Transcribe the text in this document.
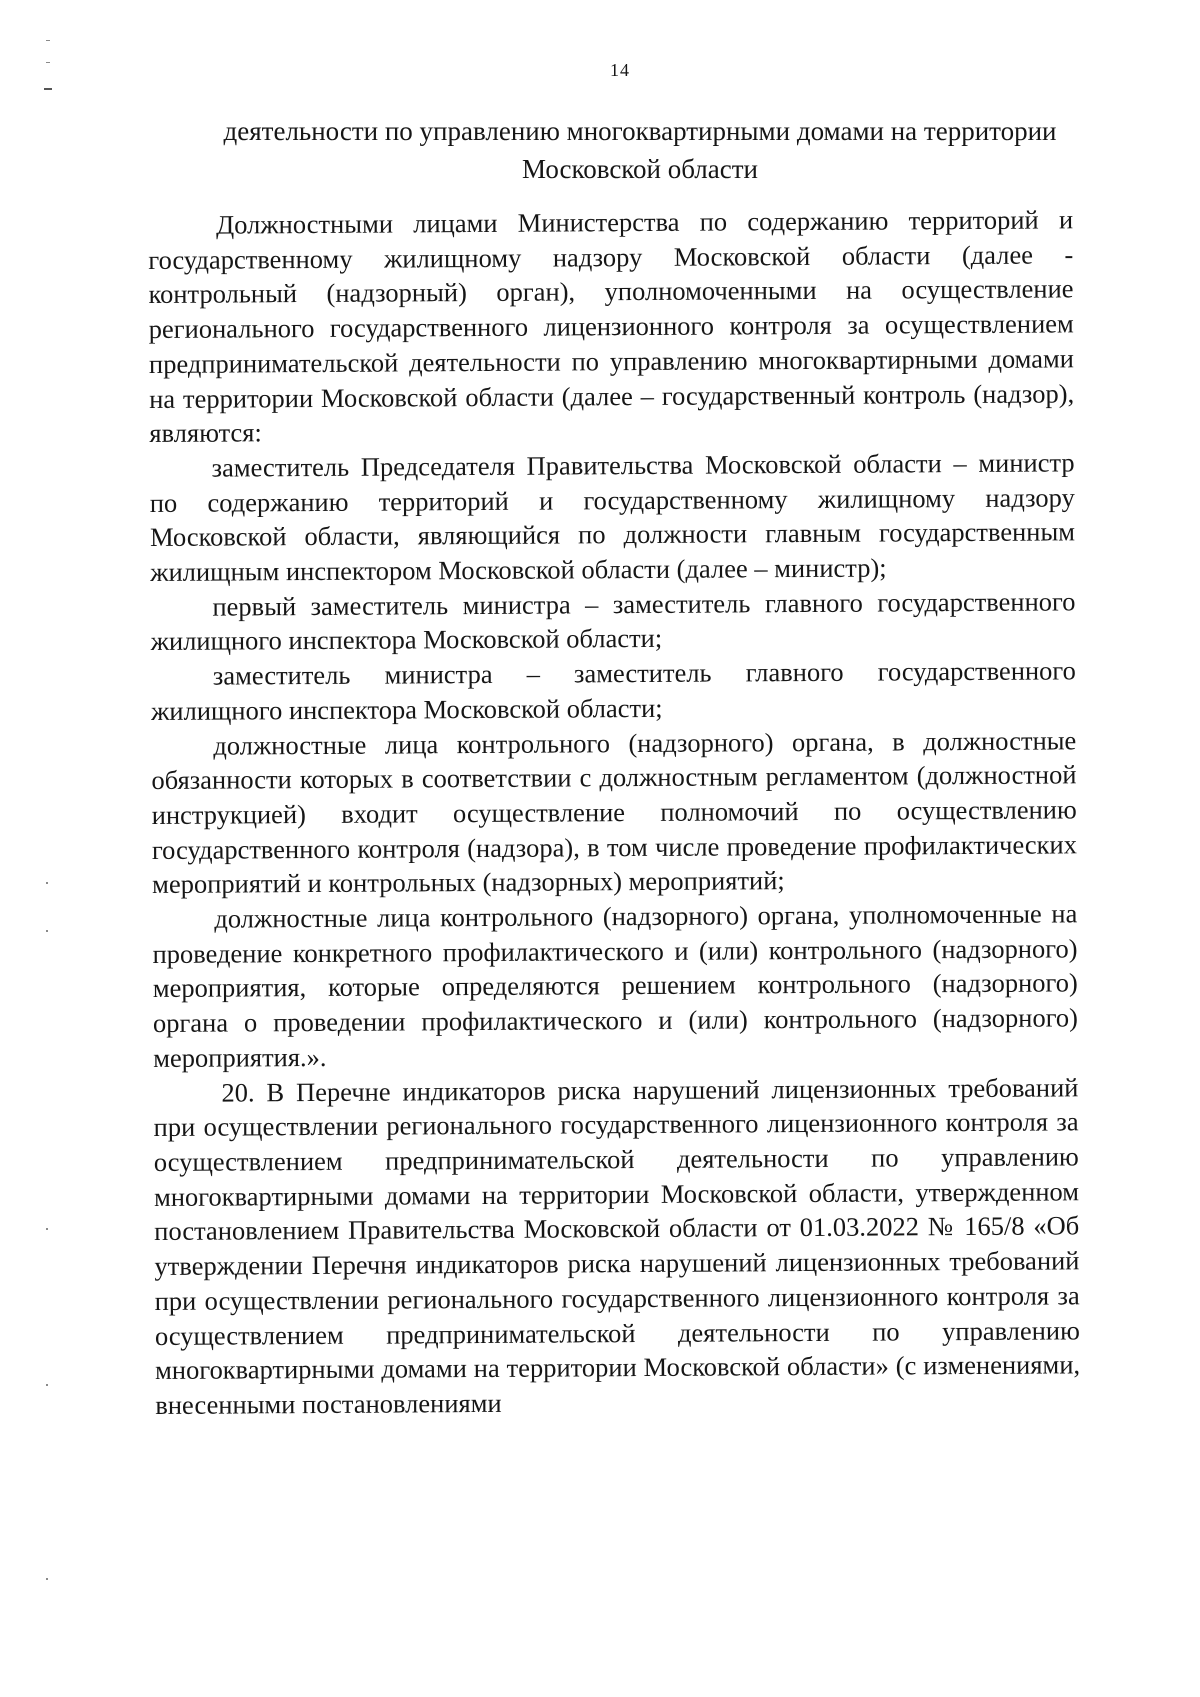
14
деятельности по управлению многоквартирными домами на территории
Московской области

Должностными лицами Министерства по содержанию территорий и государственному жилищному надзору Московской области (далее - контрольный (надзорный) орган), уполномоченными на осуществление регионального государственного лицензионного контроля за осуществлением предпринимательской деятельности по управлению многоквартирными домами на территории Московской области (далее – государственный контроль (надзор), являются:

заместитель Председателя Правительства Московской области – министр по содержанию территорий и государственному жилищному надзору Московской области, являющийся по должности главным государственным жилищным инспектором Московской области (далее – министр);

первый заместитель министра – заместитель главного государственного жилищного инспектора Московской области;

заместитель министра – заместитель главного государственного жилищного инспектора Московской области;

должностные лица контрольного (надзорного) органа, в должностные обязанности которых в соответствии с должностным регламентом (должностной инструкцией) входит осуществление полномочий по осуществлению государственного контроля (надзора), в том числе проведение профилактических мероприятий и контрольных (надзорных) мероприятий;

должностные лица контрольного (надзорного) органа, уполномоченные на проведение конкретного профилактического и (или) контрольного (надзорного) мероприятия, которые определяются решением контрольного (надзорного) органа о проведении профилактического и (или) контрольного (надзорного) мероприятия.».

20. В Перечне индикаторов риска нарушений лицензионных требований при осуществлении регионального государственного лицензионного контроля за осуществлением предпринимательской деятельности по управлению многоквартирными домами на территории Московской области, утвержденном постановлением Правительства Московской области от 01.03.2022 № 165/8 «Об утверждении Перечня индикаторов риска нарушений лицензионных требований при осуществлении регионального государственного лицензионного контроля за осуществлением предпринимательской деятельности по управлению многоквартирными домами на территории Московской области» (с изменениями, внесенными постановлениями
